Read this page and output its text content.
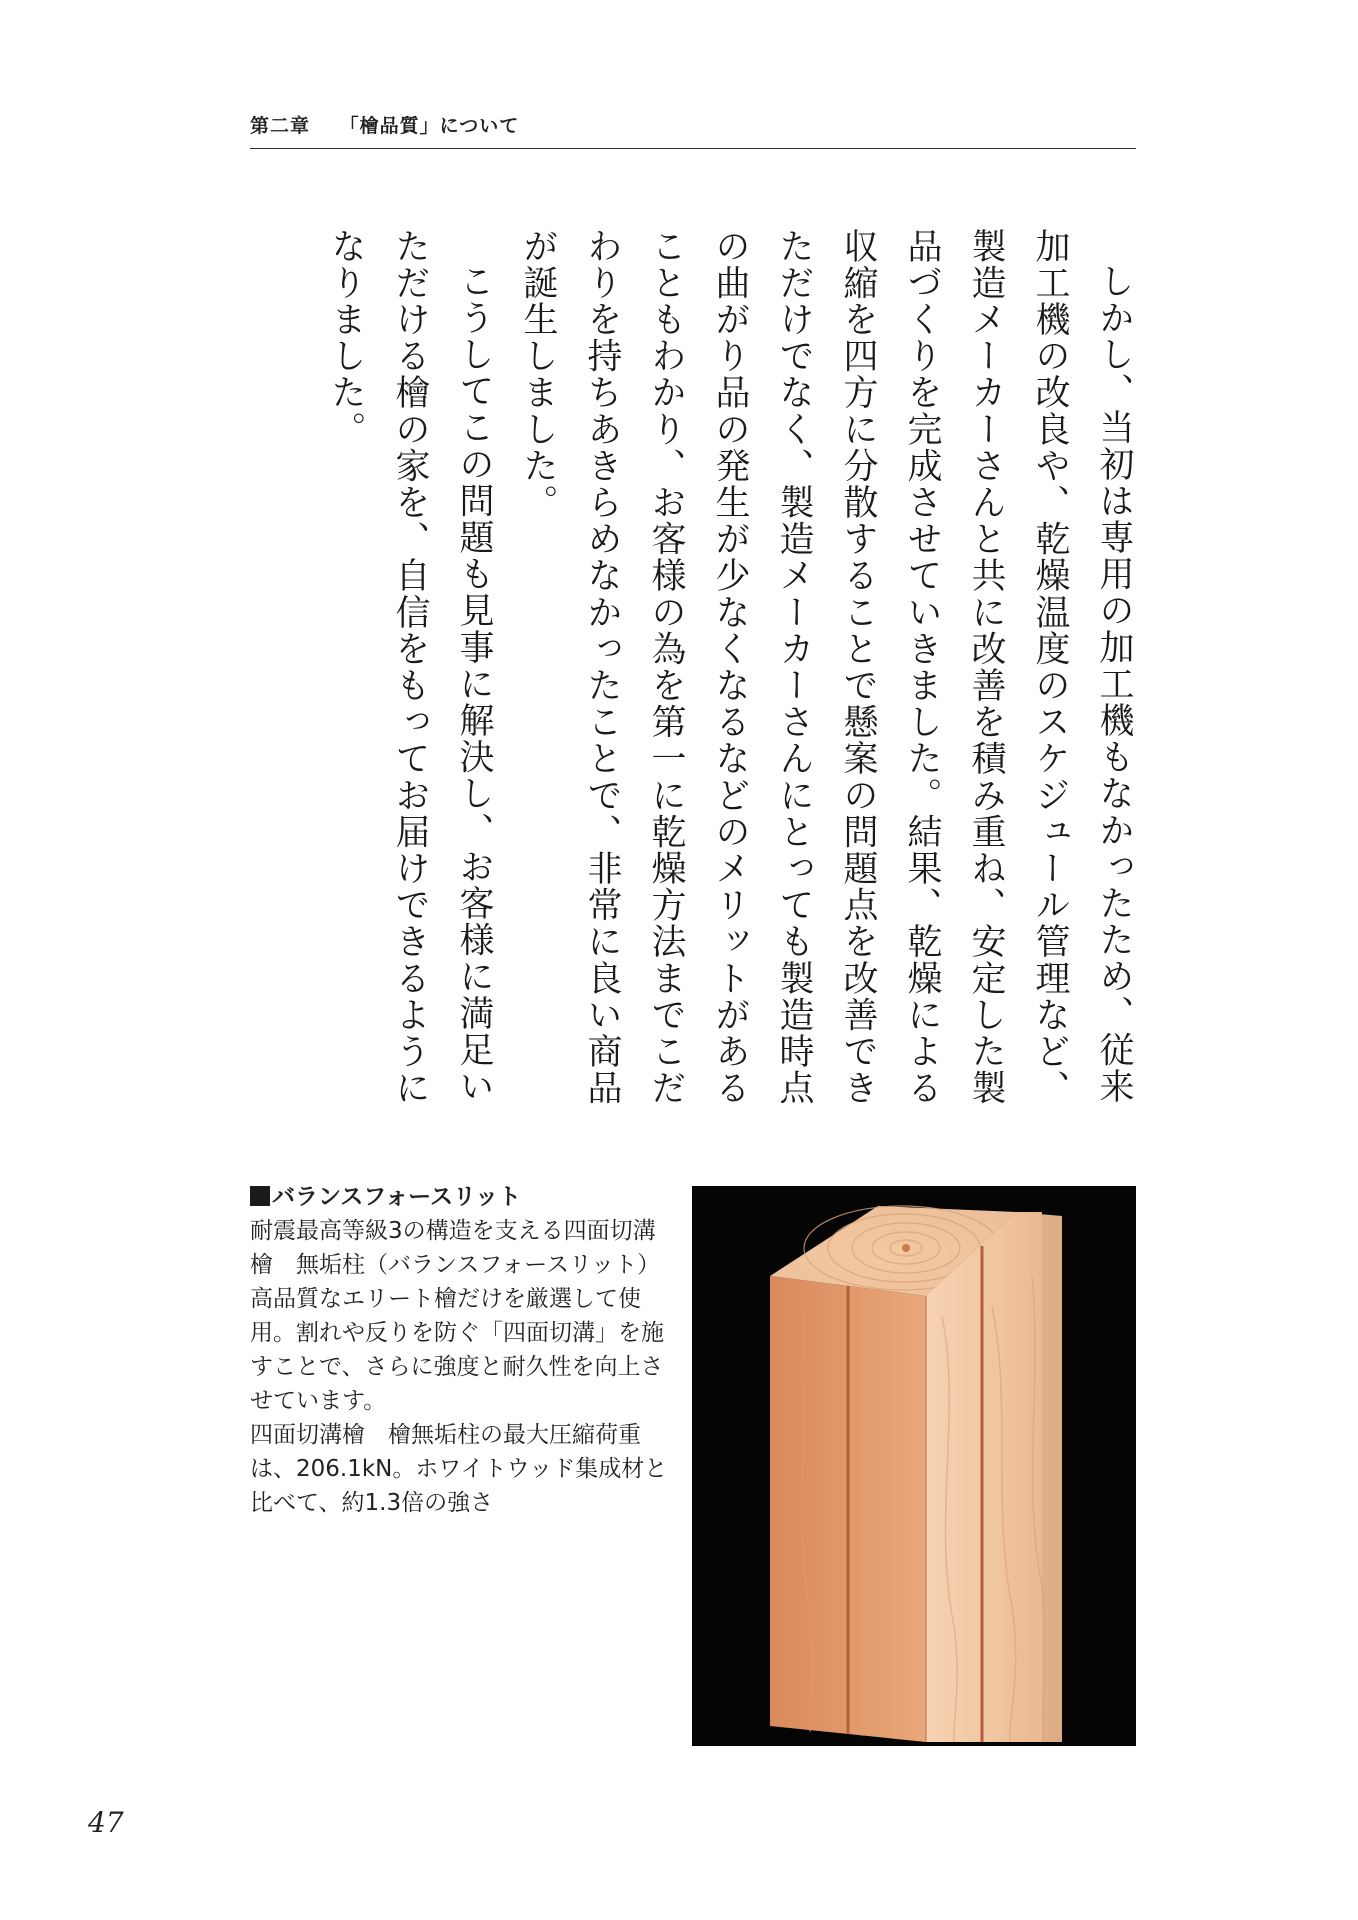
第二章 「檜品質」について

しかし、当初は専用の加工機もなかったため、従来加工機の改良や、乾燥温度のスケジュール管理など、製造メーカーさんと共に改善を積み重ね、安定した製品づくりを完成させていきました。結果、乾燥による収縮を四方に分散することで懸案の問題点を改善できただけでなく、製造メーカーさんにとっても製造時点の曲がり品の発生が少なくなるなどのメリットがあることもわかり、お客様の為を第一に乾燥方法までこだわりを持ちあきらめなかったことで、非常に良い商品が誕生しました。

こうしてこの問題も見事に解決し、お客様に満足いただける檜の家を、自信をもってお届けできるようになりました。

バランスフォースリット

耐震最高等級3の構造を支える四面切溝檜　無垢柱（バランスフォースリット）

高品質なエリート檜だけを厳選して使用。割れや反りを防ぐ「四面切溝」を施すことで、さらに強度と耐久性を向上させています。

四面切溝檜　檜無垢柱の最大圧縮荷重は、206.1kN。ホワイトウッド集成材と比べて、約1.3倍の強さ

47
